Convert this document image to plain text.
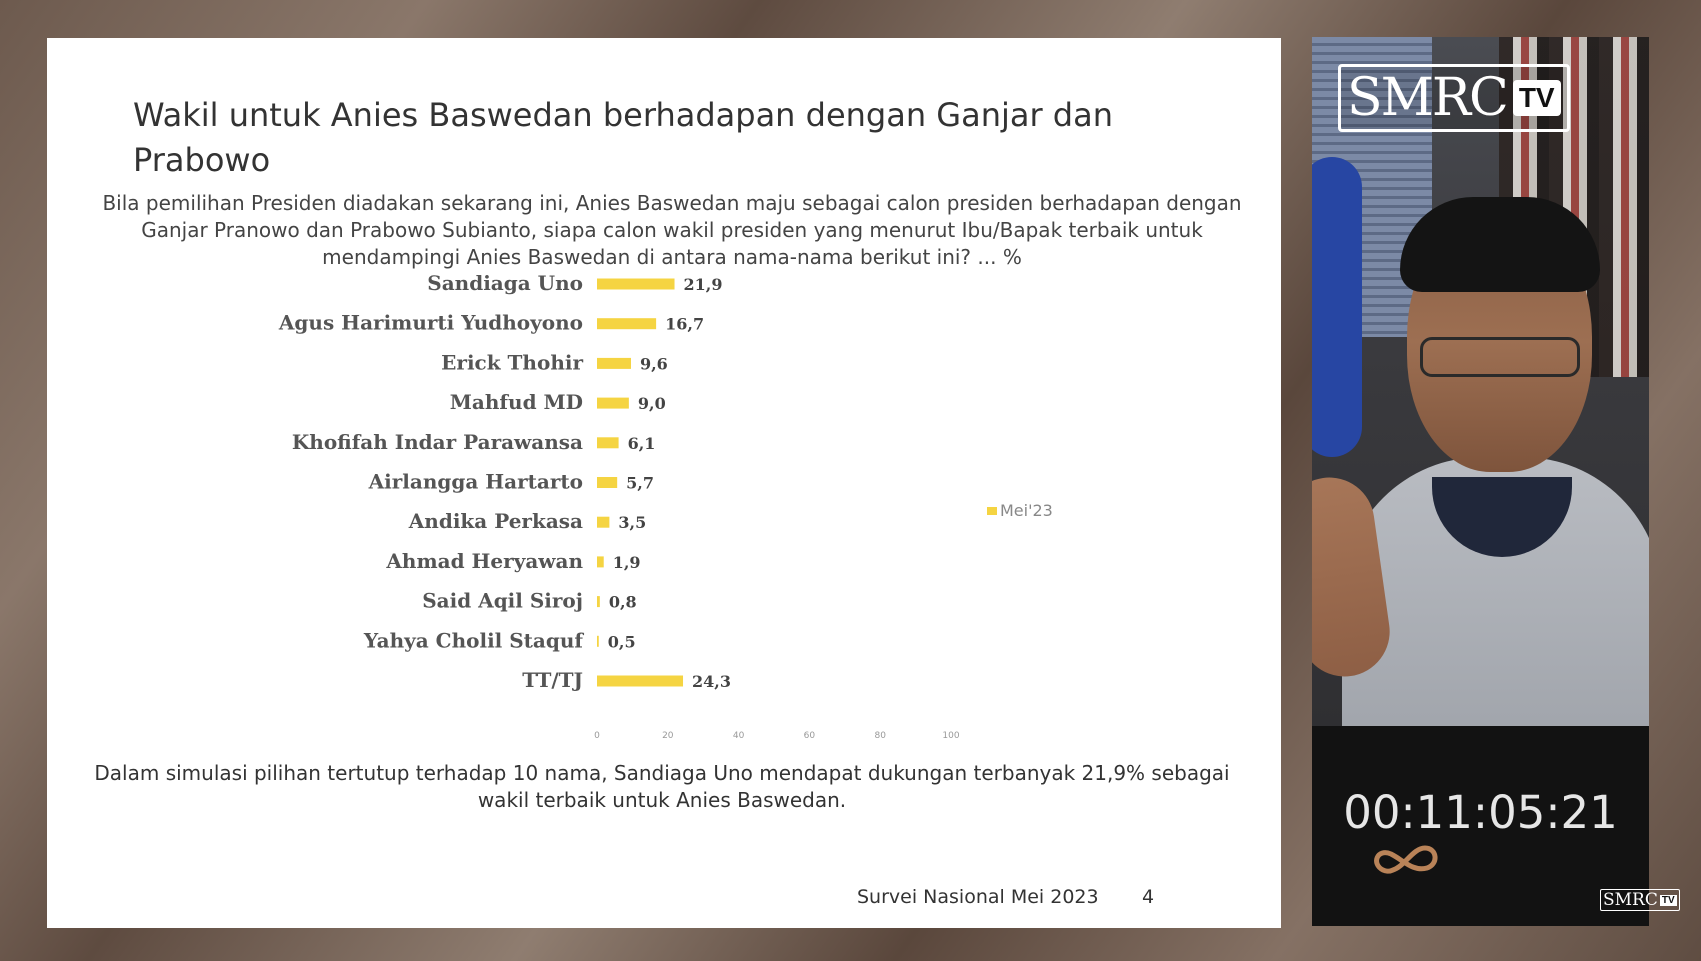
Wakil untuk Anies Baswedan berhadapan dengan Ganjar dan Prabowo
Bila pemilihan Presiden diadakan sekarang ini, Anies Baswedan maju sebagai calon presiden berhadapan dengan Ganjar Pranowo dan Prabowo Subianto, siapa calon wakil presiden yang menurut Ibu/Bapak terbaik untuk mendampingi Anies Baswedan di antara nama-nama berikut ini? ... %
Sandiaga Uno	21,9
Agus Harimurti Yudhoyono	16,7
Erick Thohir	9,6
Mahfud MD	9,0
Khofifah Indar Parawansa	6,1
Airlangga Hartarto	5,7
Andika Perkasa 3,5
Ahmad Heryawan 1,9
Said Aqil Siroj 0,8
Yahya Cholil Staquf 0,5
TT/TJ	24,3
0	20	40	60	80	100
Mei'23
Dalam simulasi pilihan tertutup terhadap 10 nama, Sandiaga Uno mendapat dukungan terbanyak 21,9% sebagai wakil terbaik untuk Anies Baswedan.
Survei Nasional Mei 2023 4
SMRC TV
00:11:05:21
SMRC TV
